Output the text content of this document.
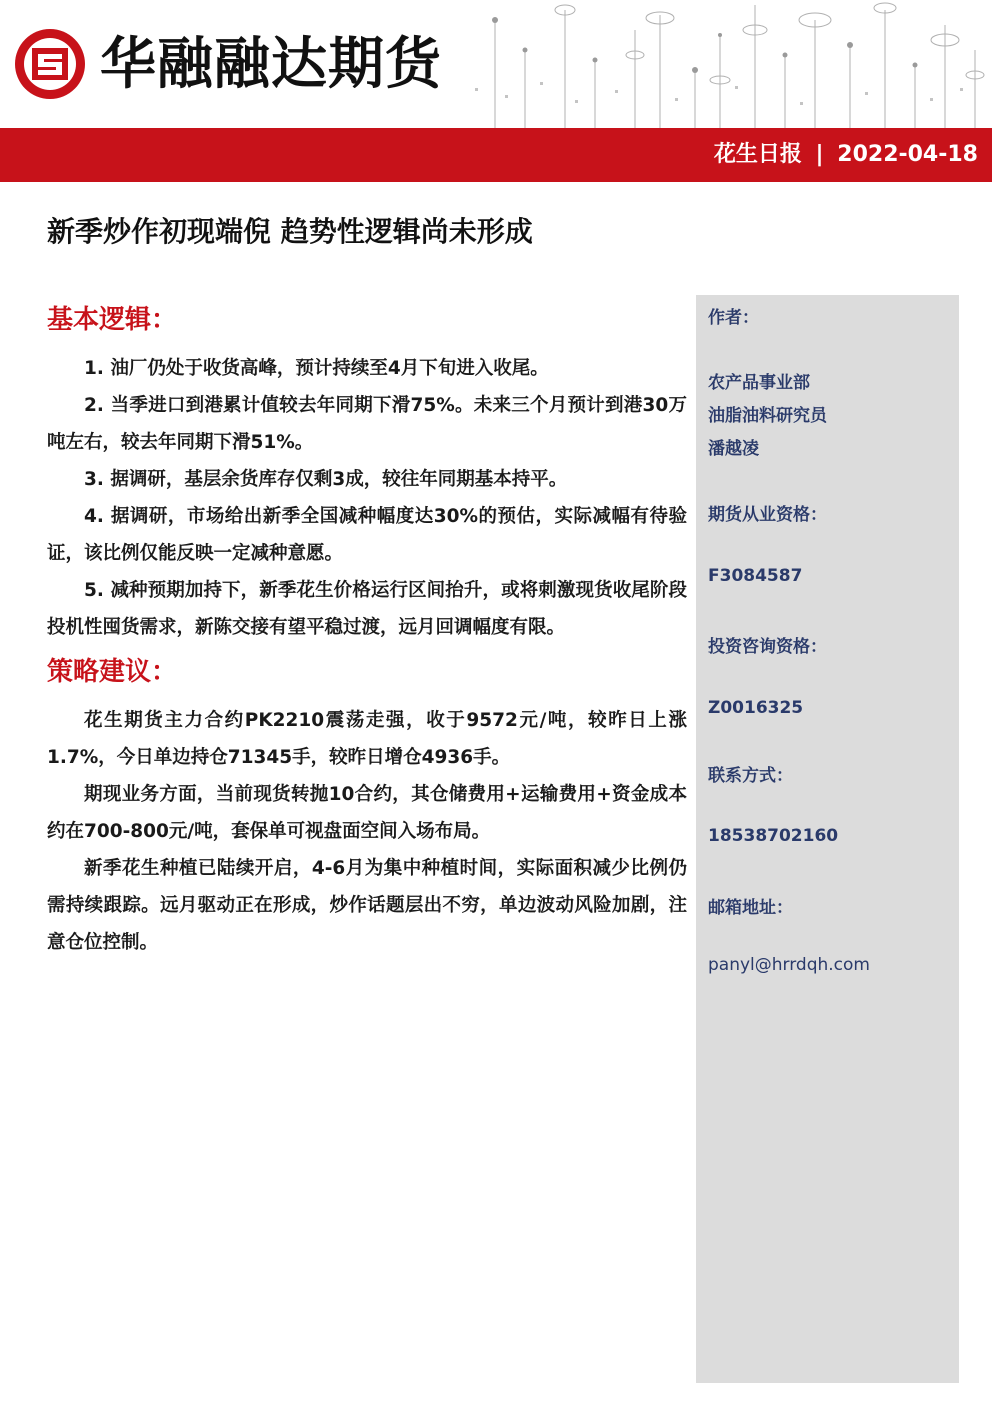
华融融达期货
花生日报 | 2022-04-18
新季炒作初现端倪 趋势性逻辑尚未形成
基本逻辑：

1. 油厂仍处于收货高峰，预计持续至4月下旬进入收尾。

2. 当季进口到港累计值较去年同期下滑75%。未来三个月预计到港30万吨左右，较去年同期下滑51%。

3. 据调研，基层余货库存仅剩3成，较往年同期基本持平。

4. 据调研，市场给出新季全国减种幅度达30%的预估，实际减幅有待验证，该比例仅能反映一定减种意愿。

5. 减种预期加持下，新季花生价格运行区间抬升，或将刺激现货收尾阶段投机性囤货需求，新陈交接有望平稳过渡，远月回调幅度有限。

策略建议：

花生期货主力合约PK2210震荡走强，收于9572元/吨，较昨日上涨1.7%，今日单边持仓71345手，较昨日增仓4936手。

期现业务方面，当前现货转抛10合约，其仓储费用+运输费用+资金成本约在700-800元/吨，套保单可视盘面空间入场布局。

新季花生种植已陆续开启，4-6月为集中种植时间，实际面积减少比例仍需持续跟踪。远月驱动正在形成，炒作话题层出不穷，单边波动风险加剧，注意仓位控制。

作者：
农产品事业部
油脂油料研究员
潘越凌
期货从业资格：
F3084587
投资咨询资格：
Z0016325
联系方式：
18538702160
邮箱地址：
panyl@hrrdqh.com
